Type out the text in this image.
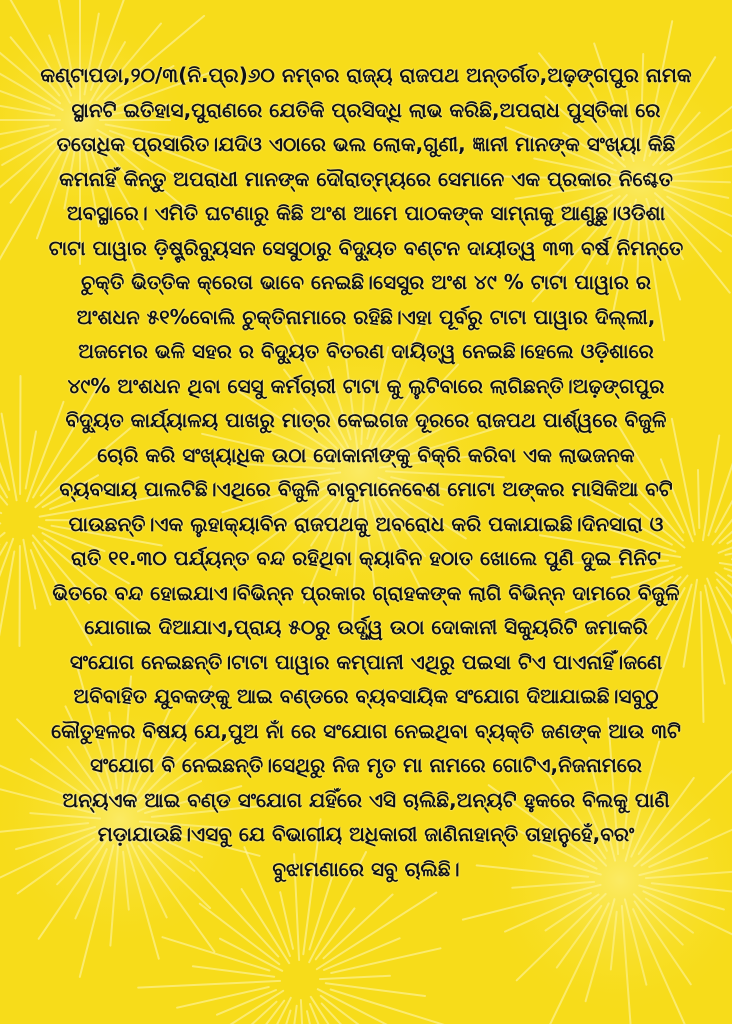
କଣ୍ଟାପଡା,୨୦/୩(ନି.ପ୍ର)୬୦ ନମ୍ବର ରାଜ୍ୟ ରାଜପଥ ଅନ୍ତର୍ଗତ,ଅଢ଼ଙ୍ଗପୁର ନାମକ
ସ୍ଥାନଟି ଇତିହାସ,ପୁରାଣରେ ଯେତିକି ପ୍ରସିଦ୍ଧି ଲାଭ କରିଛି,ଅପରାଧ ପୁସ୍ତିକା ରେ
ତତୋଧିକ ପ୍ରସାରିତ।ଯଦିଓ ଏଠାରେ ଭଲ ଲୋକ,ଗୁଣୀ, ଜ୍ଞାନୀ ମାନଙ୍କ ସଂଖ୍ୟା କିଛି
କମନାହିଁ କିନ୍ତୁ ଅପରାଧୀ ମାନଙ୍କ ଦୌରାତ୍ମ୍ୟରେ ସେମାନେ ଏକ ପ୍ରକାର ନିଶ୍ଚେତ
ଅବସ୍ଥାରେ। ଏମିତି ଘଟଣାରୁ କିଛି ଅଂଶ ଆମେ ପାଠକଙ୍କ ସାମ୍ନାକୁ ଆଣୁଛୁ।ଓଡିଶା
ଟାଟା ପାୱାର ଡ଼ିଷ୍ଟ୍ରିବ୍ୟୁସନ ସେସୁଠାରୁ ବିଦ୍ୟୁତ ବଣ୍ଟନ ଦାୟୀତ୍ୱ ୩୩ ବର୍ଷ ନିମନ୍ତେ
ଚୁକ୍ତି ଭିତ୍ତିକ କ୍ରେତା ଭାବେ ନେଇଛି।ସେସୁର ଅଂଶ ୪୯ % ଟାଟା ପାୱାର ର
ଅଂଶଧନ ୫୧%ବୋଲି ଚୁକ୍ତିନାମାରେ ରହିଛି।ଏହା ପୂର୍ବରୁ ଟାଟା ପାୱାର ଦିଲ୍ଲୀ,
ଅଜମେର ଭଳି ସହର ର ବିଦ୍ୟୁତ ବିତରଣ ଦାୟିତ୍ୱ ନେଇଛି।ହେଲେ ଓଡ଼ିଶାରେ
୪୯% ଅଂଶଧନ ଥିବା ସେସୁ କର୍ମଚାରୀ ଟାଟା କୁ ଲୁଟିବାରେ ଲାଗିଛନ୍ତି।ଅଢ଼ଙ୍ଗପୁର
ବିଦ୍ୟୁତ କାର୍ଯ୍ୟାଳୟ ପାଖରୁ ମାତ୍ର କେଇଗଜ ଦୂରରେ ରାଜପଥ ପାର୍ଶ୍ୱରେ ବିଜୁଳି
ଚୋରି କରି ସଂଖ୍ୟାଧିକ ଉଠା ଦୋକାନୀଙ୍କୁ ବିକ୍ରି କରିବା ଏକ ଲାଭଜନକ
ବ୍ୟବସାୟ ପାଲଟିଛି।ଏଥିରେ ବିଜୁଳି ବାବୁମାନେବେଶ ମୋଟା ଅଙ୍କର ମାସିକିଆ ବଟି
ପାଉଛନ୍ତି।ଏକ ଲୁହାକ୍ୟାବିନ ରାଜପଥକୁ ଅବରୋଧ କରି ପକାଯାଇଛି।ଦିନସାରା ଓ
ରାତି ୧୧.୩୦ ପର୍ଯ୍ୟନ୍ତ ବନ୍ଦ ରହିଥିବା କ୍ୟାବିନ ହଠାତ ଖୋଲେ ପୁଣି ଦୁଇ ମିନିଟ
ଭିତରେ ବନ୍ଦ ହୋଇଯାଏ।ବିଭିନ୍ନ ପ୍ରକାର ଗ୍ରାହକଙ୍କ ଲାଗି ବିଭିନ୍ନ ଦାମରେ ବିଜୁଳି
ଯୋଗାଇ ଦିଆଯାଏ,ପ୍ରାୟ ୫୦ରୁ ଉର୍ଦ୍ଧ୍ୱ ଉଠା ଦୋକାନୀ ସିକ୍ୟୁରିଟି ଜମାକରି
ସଂଯୋଗ ନେଇଛନ୍ତି।ଟାଟା ପାୱାର କମ୍ପାନୀ ଏଥିରୁ ପଇସା ଟିଏ ପାଏନାହିଁ।ଜଣେ
ଅବିବାହିତ ଯୁବକଙ୍କୁ ଆଇ ବଣ୍ଡରେ ବ୍ୟବସାୟିକ ସଂଯୋଗ ଦିଆଯାଇଛି।ସବୁଠୁ
କୌତୁହଳର ବିଷୟ ଯେ,ପୁଅ ନାଁ ରେ ସଂଯୋଗ ନେଇଥିବା ବ୍ୟକ୍ତି ଜଣଙ୍କ ଆଉ ୩ଟି
ସଂଯୋଗ ବି ନେଇଛନ୍ତି।ସେଥିରୁ ନିଜ ମୃତ ମା ନାମରେ ଗୋଟିଏ,ନିଜନାମରେ
ଅନ୍ୟଏକ ଆଇ ବଣ୍ଡ ସଂଯୋଗ ଯହିଁରେ ଏସି ଚାଲିଛି,ଅନ୍ୟଟି ହୁକରେ ବିଲକୁ ପାଣି
ମଡ଼ାଯାଉଛି।ଏସବୁ ଯେ ବିଭାଗୀୟ ଅଧିକାରୀ ଜାଣିନାହାନ୍ତି ତାହାନୁହେଁ,ବରଂ
ବୁଝାମଣାରେ ସବୁ ଚାଲିଛି।
